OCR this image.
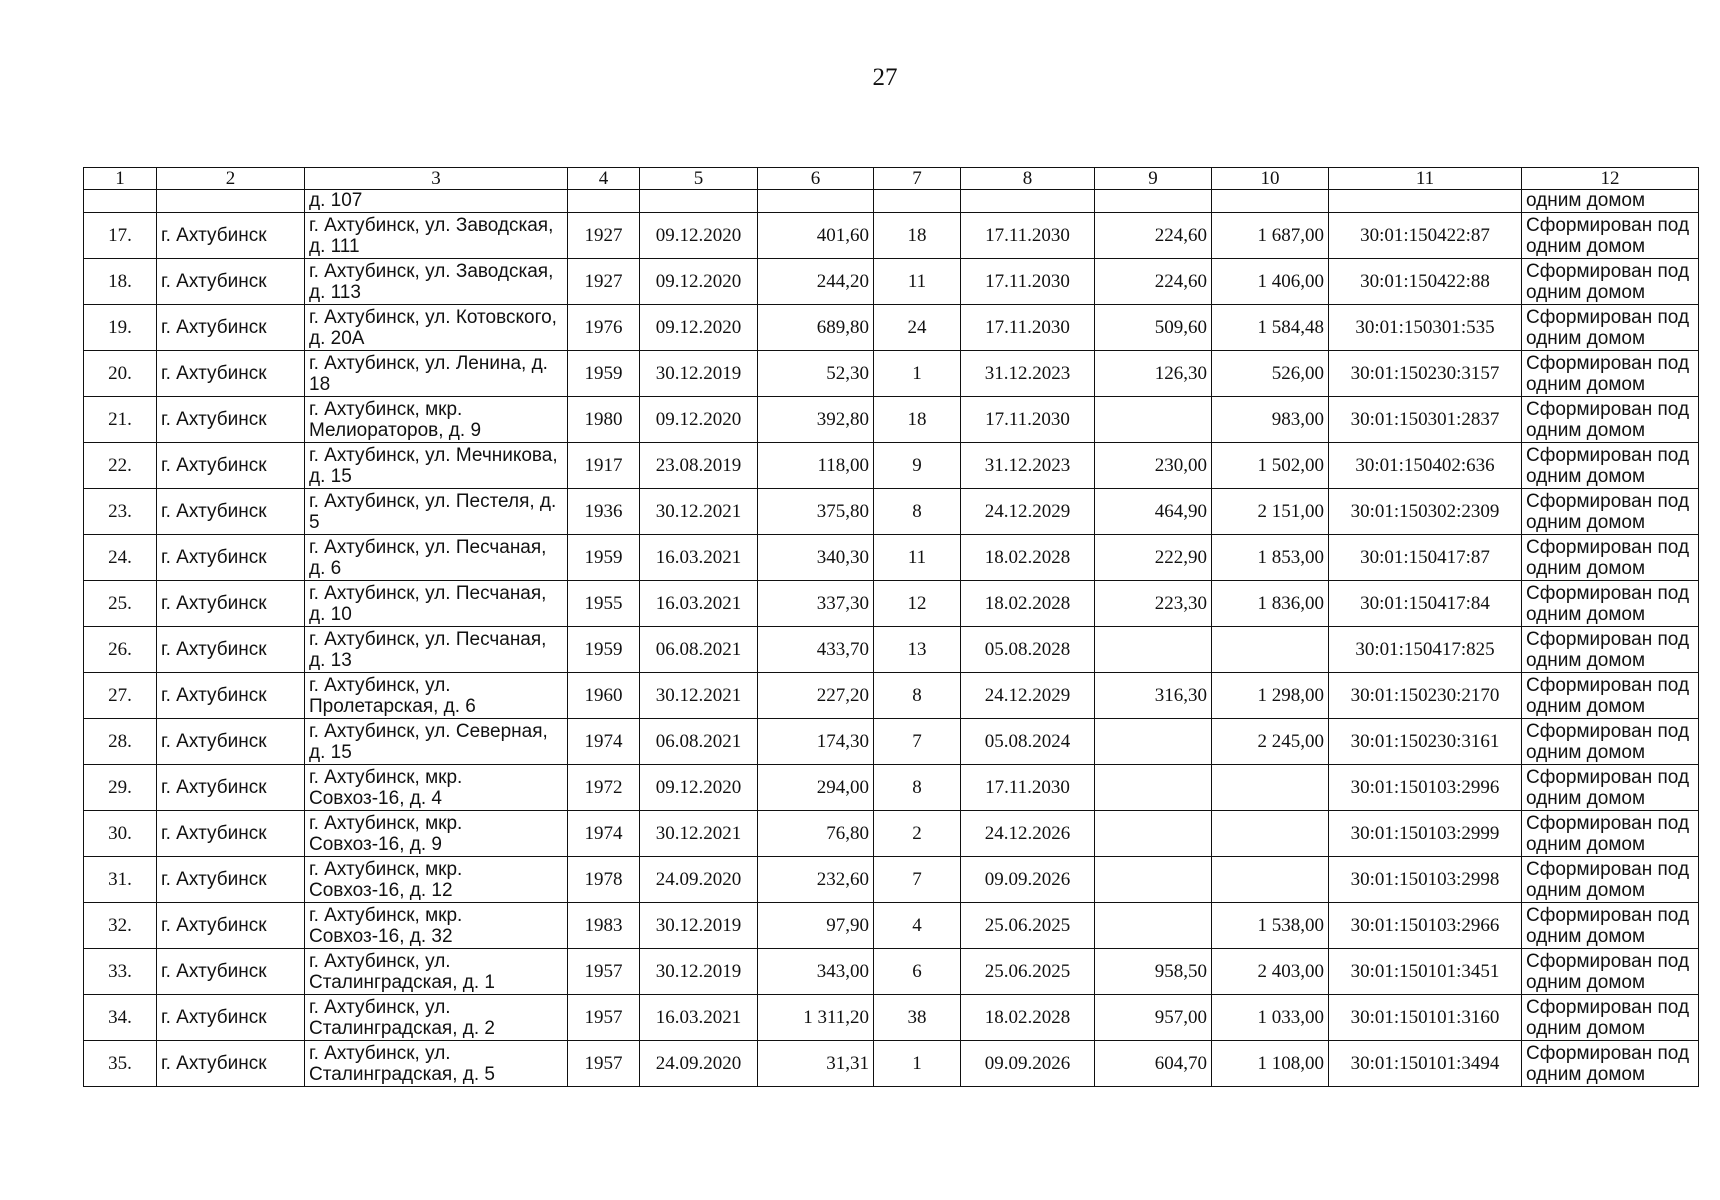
27
1	2	3	4	5	6	7	8	9	10	11	12
		д. 107									одним домом
17.	г. Ахтубинск	г. Ахтубинск, ул. Заводская, д. 111	1927	09.12.2020	401,60	18	17.11.2030	224,60	1 687,00	30:01:150422:87	Сформирован под одним домом
18.	г. Ахтубинск	г. Ахтубинск, ул. Заводская, д. 113	1927	09.12.2020	244,20	11	17.11.2030	224,60	1 406,00	30:01:150422:88	Сформирован под одним домом
19.	г. Ахтубинск	г. Ахтубинск, ул. Котовского, д. 20А	1976	09.12.2020	689,80	24	17.11.2030	509,60	1 584,48	30:01:150301:535	Сформирован под одним домом
20.	г. Ахтубинск	г. Ахтубинск, ул. Ленина, д. 18	1959	30.12.2019	52,30	1	31.12.2023	126,30	526,00	30:01:150230:3157	Сформирован под одним домом
21.	г. Ахтубинск	г. Ахтубинск, мкр. Мелиораторов, д. 9	1980	09.12.2020	392,80	18	17.11.2030		983,00	30:01:150301:2837	Сформирован под одним домом
22.	г. Ахтубинск	г. Ахтубинск, ул. Мечникова, д. 15	1917	23.08.2019	118,00	9	31.12.2023	230,00	1 502,00	30:01:150402:636	Сформирован под одним домом
23.	г. Ахтубинск	г. Ахтубинск, ул. Пестеля, д. 5	1936	30.12.2021	375,80	8	24.12.2029	464,90	2 151,00	30:01:150302:2309	Сформирован под одним домом
24.	г. Ахтубинск	г. Ахтубинск, ул. Песчаная, д. 6	1959	16.03.2021	340,30	11	18.02.2028	222,90	1 853,00	30:01:150417:87	Сформирован под одним домом
25.	г. Ахтубинск	г. Ахтубинск, ул. Песчаная, д. 10	1955	16.03.2021	337,30	12	18.02.2028	223,30	1 836,00	30:01:150417:84	Сформирован под одним домом
26.	г. Ахтубинск	г. Ахтубинск, ул. Песчаная, д. 13	1959	06.08.2021	433,70	13	05.08.2028			30:01:150417:825	Сформирован под одним домом
27.	г. Ахтубинск	г. Ахтубинск, ул. Пролетарская, д. 6	1960	30.12.2021	227,20	8	24.12.2029	316,30	1 298,00	30:01:150230:2170	Сформирован под одним домом
28.	г. Ахтубинск	г. Ахтубинск, ул. Северная, д. 15	1974	06.08.2021	174,30	7	05.08.2024		2 245,00	30:01:150230:3161	Сформирован под одним домом
29.	г. Ахтубинск	г. Ахтубинск, мкр. Совхоз-16, д. 4	1972	09.12.2020	294,00	8	17.11.2030			30:01:150103:2996	Сформирован под одним домом
30.	г. Ахтубинск	г. Ахтубинск, мкр. Совхоз-16, д. 9	1974	30.12.2021	76,80	2	24.12.2026			30:01:150103:2999	Сформирован под одним домом
31.	г. Ахтубинск	г. Ахтубинск, мкр. Совхоз-16, д. 12	1978	24.09.2020	232,60	7	09.09.2026			30:01:150103:2998	Сформирован под одним домом
32.	г. Ахтубинск	г. Ахтубинск, мкр. Совхоз-16, д. 32	1983	30.12.2019	97,90	4	25.06.2025		1 538,00	30:01:150103:2966	Сформирован под одним домом
33.	г. Ахтубинск	г. Ахтубинск, ул. Сталинградская, д. 1	1957	30.12.2019	343,00	6	25.06.2025	958,50	2 403,00	30:01:150101:3451	Сформирован под одним домом
34.	г. Ахтубинск	г. Ахтубинск, ул. Сталинградская, д. 2	1957	16.03.2021	1 311,20	38	18.02.2028	957,00	1 033,00	30:01:150101:3160	Сформирован под одним домом
35.	г. Ахтубинск	г. Ахтубинск, ул. Сталинградская, д. 5	1957	24.09.2020	31,31	1	09.09.2026	604,70	1 108,00	30:01:150101:3494	Сформирован под одним домом
